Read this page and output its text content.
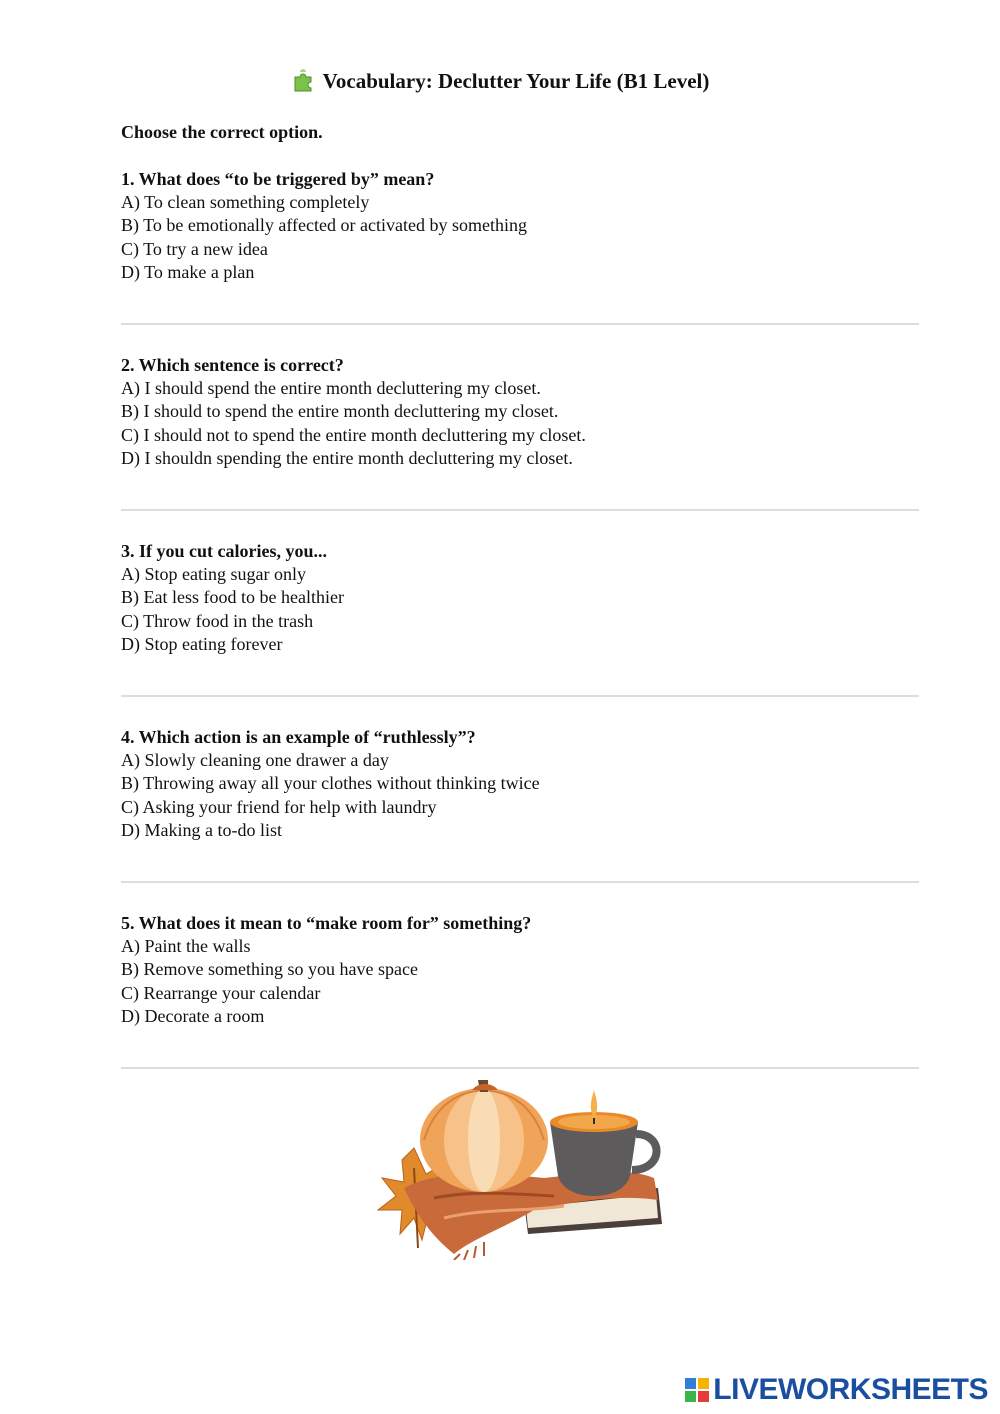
Vocabulary: Declutter Your Life (B1 Level)
Choose the correct option.
1. What does “to be triggered by” mean?
A) To clean something completely
B) To be emotionally affected or activated by something
C) To try a new idea
D) To make a plan
2. Which sentence is correct?
A) I should spend the entire month decluttering my closet.
B) I should to spend the entire month decluttering my closet.
C) I should not to spend the entire month decluttering my closet.
D) I shouldn spending the entire month decluttering my closet.
3. If you cut calories, you...
A) Stop eating sugar only
B) Eat less food to be healthier
C) Throw food in the trash
D) Stop eating forever
4. Which action is an example of “ruthlessly”?
A) Slowly cleaning one drawer a day
B) Throwing away all your clothes without thinking twice
C) Asking your friend for help with laundry
D) Making a to-do list
5. What does it mean to “make room for” something?
A) Paint the walls
B) Remove something so you have space
C) Rearrange your calendar
D) Decorate a room
LIVEWORKSHEETS
